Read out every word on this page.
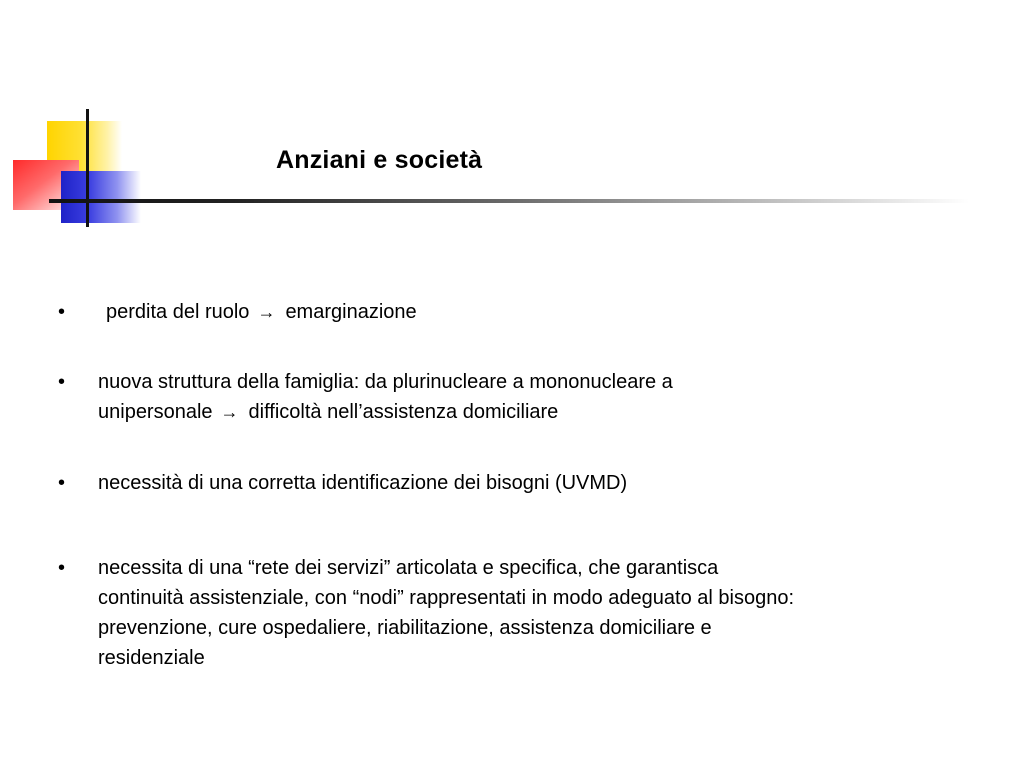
Anziani e società
•	perdita del ruolo → emarginazione
•	nuova struttura della famiglia: da plurinucleare a mononucleare a
unipersonale → difficoltà nell’assistenza domiciliare
•	necessità di una corretta identificazione dei bisogni (UVMD)
•	necessita di una “rete dei servizi” articolata e specifica, che garantisca
continuità assistenziale, con “nodi” rappresentati in modo adeguato al bisogno:
prevenzione, cure ospedaliere, riabilitazione, assistenza domiciliare e
residenziale
